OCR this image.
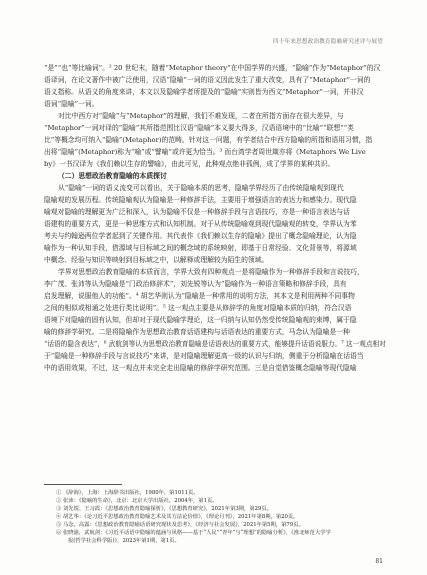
四十年来思想政治教育隐喻研究述评与展望
“是”“也”等比喻词”。² 20 世纪末，随着“Metaphor theory”在中国学界的兴盛，“隐喻”作为“Metaphor”的汉
语译词，在论文著作中被广泛使用，汉语“隐喻”一词的语义因此发生了重大改变，具有了“Metaphor”一词的
语义指称。从语义的角度来讲，本文以及隐喻学者所提及的“隐喻”实则皆为西文“Metaphor”一词，并非汉
语词“隐喻”一词。
对比中西方对“隐喻”与“Metaphor”的理解，我们不难发现，二者在所指方面存在很大差异，与
“Metaphor”一词对译的“隐喻”其所指范围比汉语“隐喻”本义要大得多，汉语语境中的“比喻”“联想”“类
比”等概念均可纳入“隐喻”(Metaphor)的范畴。针对这一问题，有学者结合中西方隐喻的所指和语用习惯，指
出将“隐喻”(Metaphor)称为“喻”或“譬喻”或许更为恰当。³ 而台湾学者周世箴亦将《Metaphors We Live
by》一书汉译为《我们赖以生存的譬喻》，由此可见，此种观点绝非孤例，成了学界的某种共识。
（二）思想政治教育隐喻的本质探讨
从“隐喻”一词的语义流变可以看出，关于隐喻本质的思考，隐喻学界经历了由传统隐喻观到现代
隐喻观的发展历程。传统隐喻观认为隐喻是一种修辞手法，主要用于增强语言的表达力和感染力。现代隐
喻观对隐喻的理解更为广泛和深入，认为隐喻不仅是一种修辞手段与言语技巧，亦是一种语言表达与话
语建构的重要方式，更是一种思维方式和认知机制。对于从传统隐喻观到现代隐喻观的转变，学界认为苯
考夫与约翰逊两位学者起到了关键作用。其代表作《我们赖以生存的隐喻》提出了概念隐喻理论，认为隐
喻作为一种认知手段，借源域与目标域之间的概念域的系统映射，即基于日常经验、文化背景等，将源域
中概念、经验与知识等映射到目标域之中，以解释或理解较为陌生的领域。
学界对思想政治教育隐喻的本质而言，学界大致有四种观点一是将隐喻作为一种修辞手段和言说技巧，
李广茂、张沛等认为隐喻是“门政治修辞术”，刘先锐等认为“隐喻作为一种语言策略和修辞手段，具有
启发理解，说服他人的功能”。⁴ 胡艺华则认为“隐喻是一种常用的说明方法，其本文是利用两种不同事物
之间的相似或相通之处进行类比说明”。⁵ 这一观点主要是从修辞学的角度对隐喻本质的归纳，符合汉语
语境下对隐喻的固有认知，但却对于现代隐喻学理论，这一归纳与认知仍然受传统隐喻观的束缚，属于隐
喻的修辞学研究。二是将隐喻作为思想政治教育话语建构与话语表达的重要方式，马念认为隐喻是一种
“话语的隐含表达”，⁶ 武航剑等认为思想政治教育隐喻是话语表达的重要方式，能够提升话语说服力。⁷ 这一观点相对
于“隐喻是一种修辞手段与言说技巧”来讲，是对隐喻理解更高一级的认识与归纳，侧重于分析隐喻在话语当
中的语用效果，不过，这一观点并未完全走出隐喻的修辞学研究范围。三是自觉借鉴概念隐喻等现代隐喻
① 《辞海》，上海：上海辞书出版社，1980年，第1011页。
② 张沛：《隐喻的生命》，北京：北京大学出版社，2004年，第1页。
③ 刘先锐、王习霞：《思想政治教育隐喻探析》，《思想教育研究》，2021年第3期，第29页。
④ 胡艺华：《论习近平思想政治教育隐喻艺术及其方法论价值》，《理论月刊》，2021年第8期，第20页。
⑤ 马念，高露：《思想政治教育隐喻话语研究现状及思考》，《经济与社会发展》，2021年第5期，第79页。
⑥ 张晓渝，武航剑：《习近平话语中隐喻的蕴涵与风格——基于“人民”“青年”与“理想”的隐喻分析》，《淮北师范大学学
报(哲学社会科学版)》，2023年第1期，第1页。
81
